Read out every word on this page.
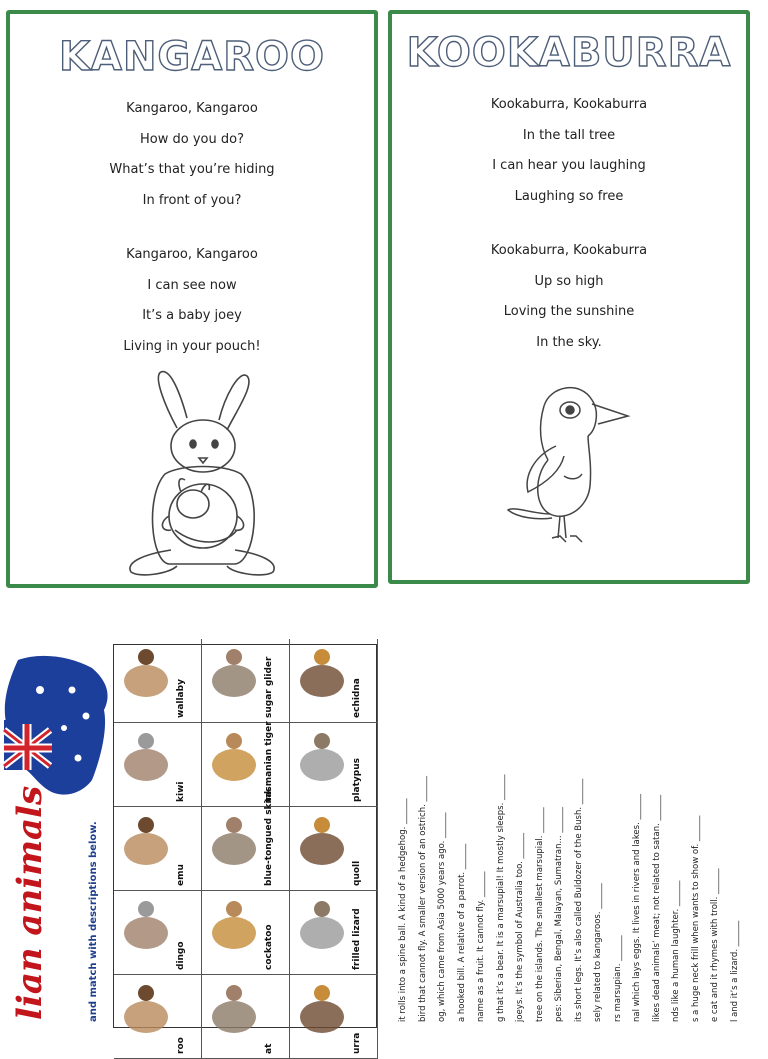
KANGAROO
Kangaroo, Kangaroo
How do you do?
What’s that you’re hiding
In front of you?
Kangaroo, Kangaroo
I can see now
It’s a baby joey
Living in your pouch!
KOOKABURRA
Kookaburra, Kookaburra
In the tall tree
I can hear you laughing
Laughing so free
Kookaburra, Kookaburra
Up so high
Loving the sunshine
In the sky.
lian animals	and match with descriptions below.
wallaby	sugar glider	echidna
kiwi	tasmanian tiger	platypus
emu	blue-tongued skink	quoll
dingo	cockatoo	frilled lizard
roo	at	urra
it rolls into a spine ball. A kind of a hedgehog. ______ bird that cannot fly. A smaller version of an ostrich. ______ og, which came from Asia 5000 years ago. ______ a hooked bill. A relative of a parrot. ______ name as a fruit. It cannot fly. ______ g that it’s a bear. It is a marsupial! It mostly sleeps. ______ joeys. It’s the symbol of Australia too. ______ tree on the islands. The smallest marsupial. ______ pes: Siberian, Bengal, Malayan, Sumatran... ______ its short legs. It’s also called Buldozer of the Bush. ______ sely related to kangaroos. ______ rs marsupian. ______ nal which lays eggs. It lives in rivers and lakes. ______ likes dead animals’ meat; not related to satan. ______ nds like a human laughter. ______ s a huge neck frill when wants to show of. ______ e cat and it rhymes with troll. ______ l and it’s a lizard. ______
